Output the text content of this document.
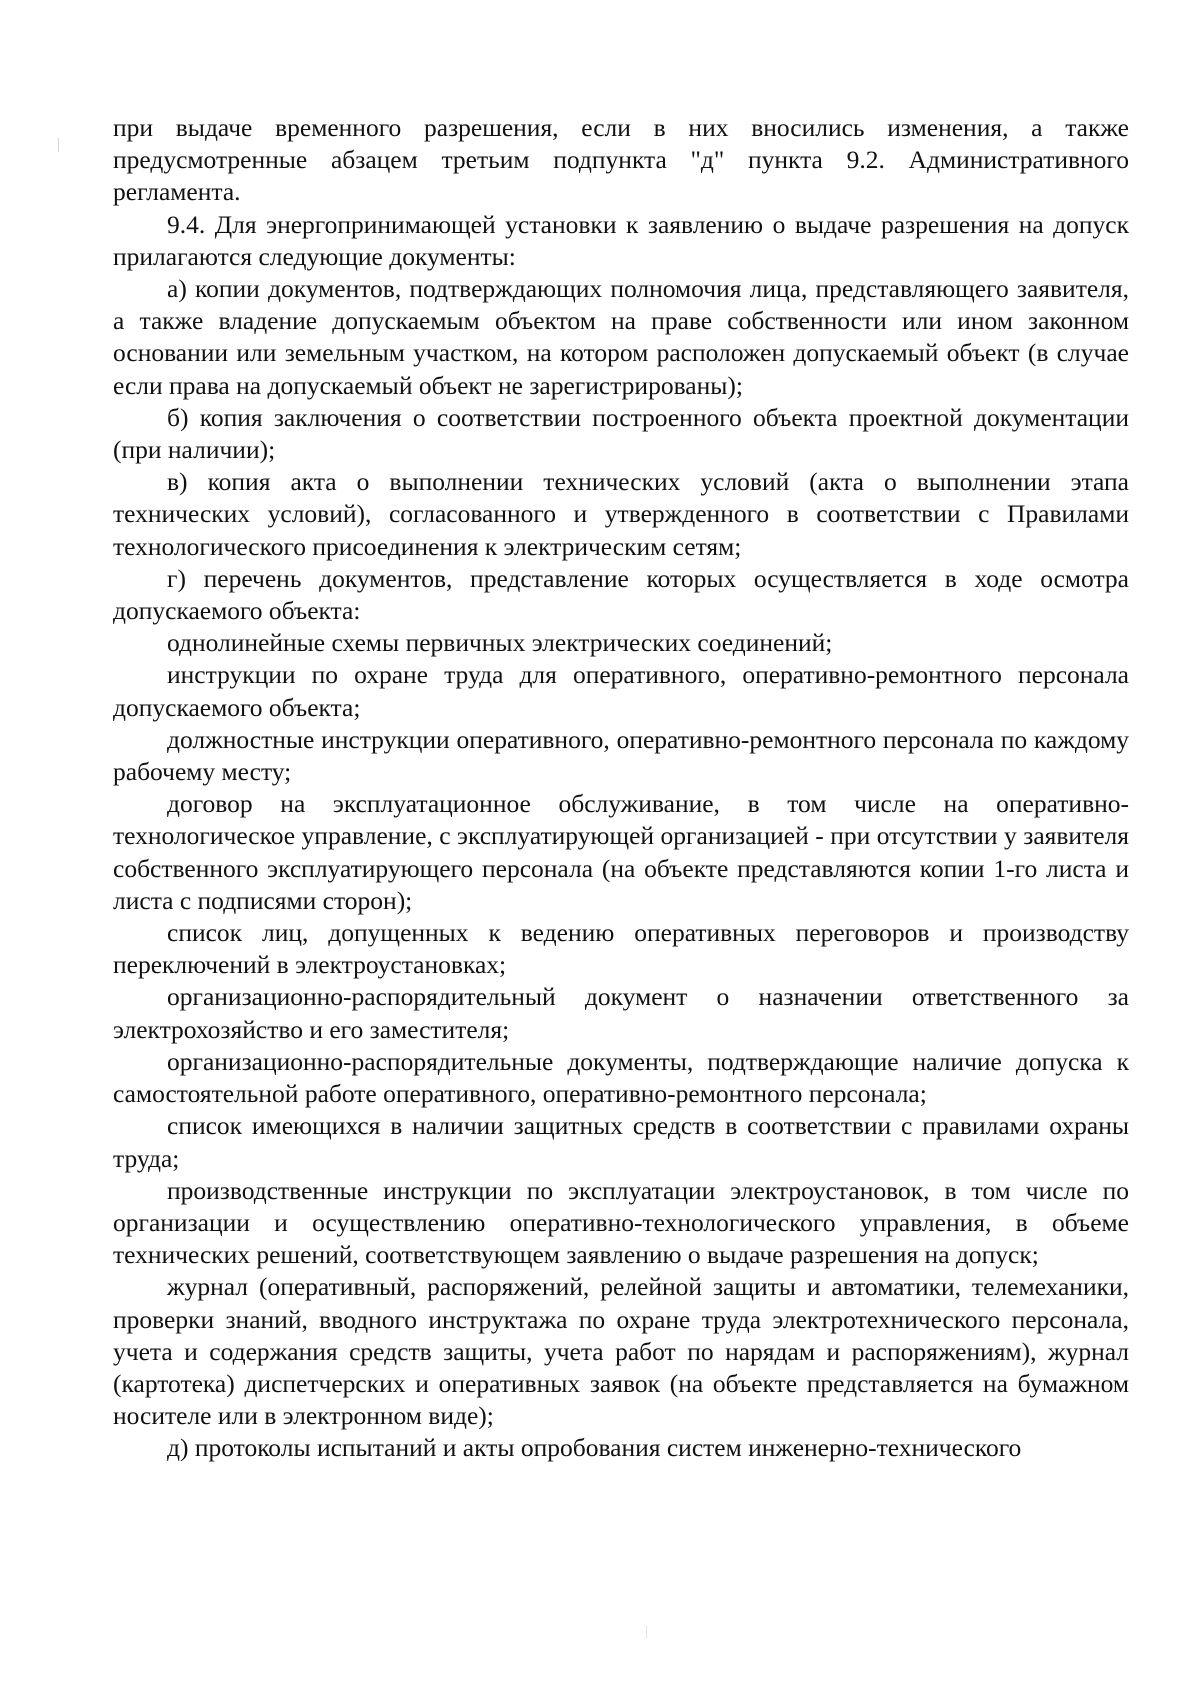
при выдаче временного разрешения, если в них вносились изменения, а также предусмотренные абзацем третьим подпункта "д" пункта 9.2. Административного регламента.

9.4. Для энергопринимающей установки к заявлению о выдаче разрешения на допуск прилагаются следующие документы:

а) копии документов, подтверждающих полномочия лица, представляющего заявителя, а также владение допускаемым объектом на праве собственности или ином законном основании или земельным участком, на котором расположен допускаемый объект (в случае если права на допускаемый объект не зарегистрированы);

б) копия заключения о соответствии построенного объекта проектной документации (при наличии);

в) копия акта о выполнении технических условий (акта о выполнении этапа технических условий), согласованного и утвержденного в соответствии с Правилами технологического присоединения к электрическим сетям;

г) перечень документов, представление которых осуществляется в ходе осмотра допускаемого объекта:

однолинейные схемы первичных электрических соединений;

инструкции по охране труда для оперативного, оперативно-ремонтного персонала допускаемого объекта;

должностные инструкции оперативного, оперативно-ремонтного персонала по каждому рабочему месту;

договор на эксплуатационное обслуживание, в том числе на оперативно-технологическое управление, с эксплуатирующей организацией - при отсутствии у заявителя собственного эксплуатирующего персонала (на объекте представляются копии 1-го листа и листа с подписями сторон);

список лиц, допущенных к ведению оперативных переговоров и производству переключений в электроустановках;

организационно-распорядительный документ о назначении ответственного за электрохозяйство и его заместителя;

организационно-распорядительные документы, подтверждающие наличие допуска к самостоятельной работе оперативного, оперативно-ремонтного персонала;

список имеющихся в наличии защитных средств в соответствии с правилами охраны труда;

производственные инструкции по эксплуатации электроустановок, в том числе по организации и осуществлению оперативно-технологического управления, в объеме технических решений, соответствующем заявлению о выдаче разрешения на допуск;

журнал (оперативный, распоряжений, релейной защиты и автоматики, телемеханики, проверки знаний, вводного инструктажа по охране труда электротехнического персонала, учета и содержания средств защиты, учета работ по нарядам и распоряжениям), журнал (картотека) диспетчерских и оперативных заявок (на объекте представляется на бумажном носителе или в электронном виде);

д) протоколы испытаний и акты опробования систем инженерно-технического
